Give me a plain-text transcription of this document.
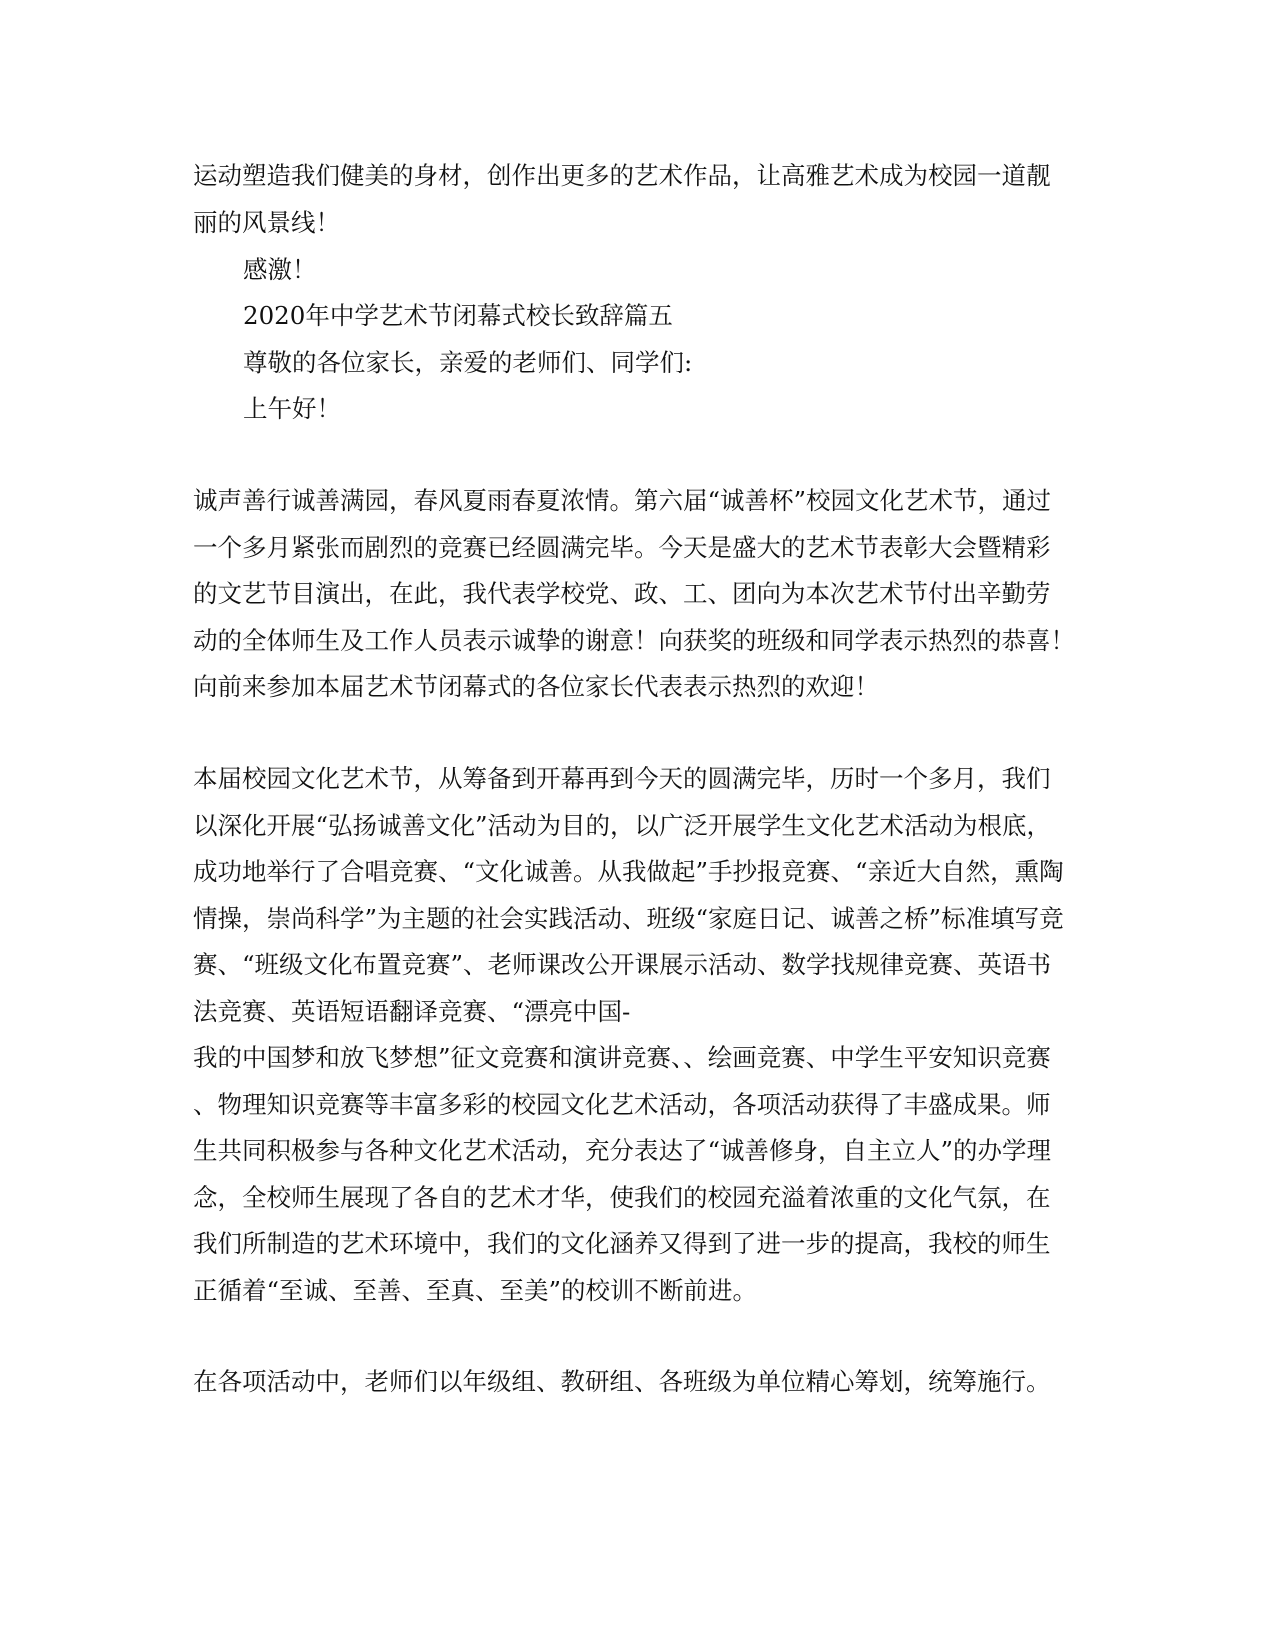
运动塑造我们健美的身材，创作出更多的艺术作品，让高雅艺术成为校园一道靓

丽的风景线！

感激！

2020年中学艺术节闭幕式校长致辞篇五

尊敬的各位家长，亲爱的老师们、同学们:

上午好！

诚声善行诚善满园，春风夏雨春夏浓情。第六届“诚善杯”校园文化艺术节，通过

一个多月紧张而剧烈的竞赛已经圆满完毕。今天是盛大的艺术节表彰大会暨精彩

的文艺节目演出，在此，我代表学校党、政、工、团向为本次艺术节付出辛勤劳

动的全体师生及工作人员表示诚挚的谢意！向获奖的班级和同学表示热烈的恭喜！

向前来参加本届艺术节闭幕式的各位家长代表表示热烈的欢迎！

本届校园文化艺术节，从筹备到开幕再到今天的圆满完毕，历时一个多月，我们

以深化开展“弘扬诚善文化”活动为目的，以广泛开展学生文化艺术活动为根底，

成功地举行了合唱竞赛、“文化诚善。从我做起”手抄报竞赛、“亲近大自然，熏陶

情操，崇尚科学”为主题的社会实践活动、班级“家庭日记、诚善之桥”标准填写竞

赛、“班级文化布置竞赛”、老师课改公开课展示活动、数学找规律竞赛、英语书

法竞赛、英语短语翻译竞赛、“漂亮中国-

我的中国梦和放飞梦想”征文竞赛和演讲竞赛、、绘画竞赛、中学生平安知识竞赛

、物理知识竞赛等丰富多彩的校园文化艺术活动，各项活动获得了丰盛成果。师

生共同积极参与各种文化艺术活动，充分表达了“诚善修身，自主立人”的办学理

念，全校师生展现了各自的艺术才华，使我们的校园充溢着浓重的文化气氛，在

我们所制造的艺术环境中，我们的文化涵养又得到了进一步的提高，我校的师生

正循着“至诚、至善、至真、至美”的校训不断前进。

在各项活动中，老师们以年级组、教研组、各班级为单位精心筹划，统筹施行。
